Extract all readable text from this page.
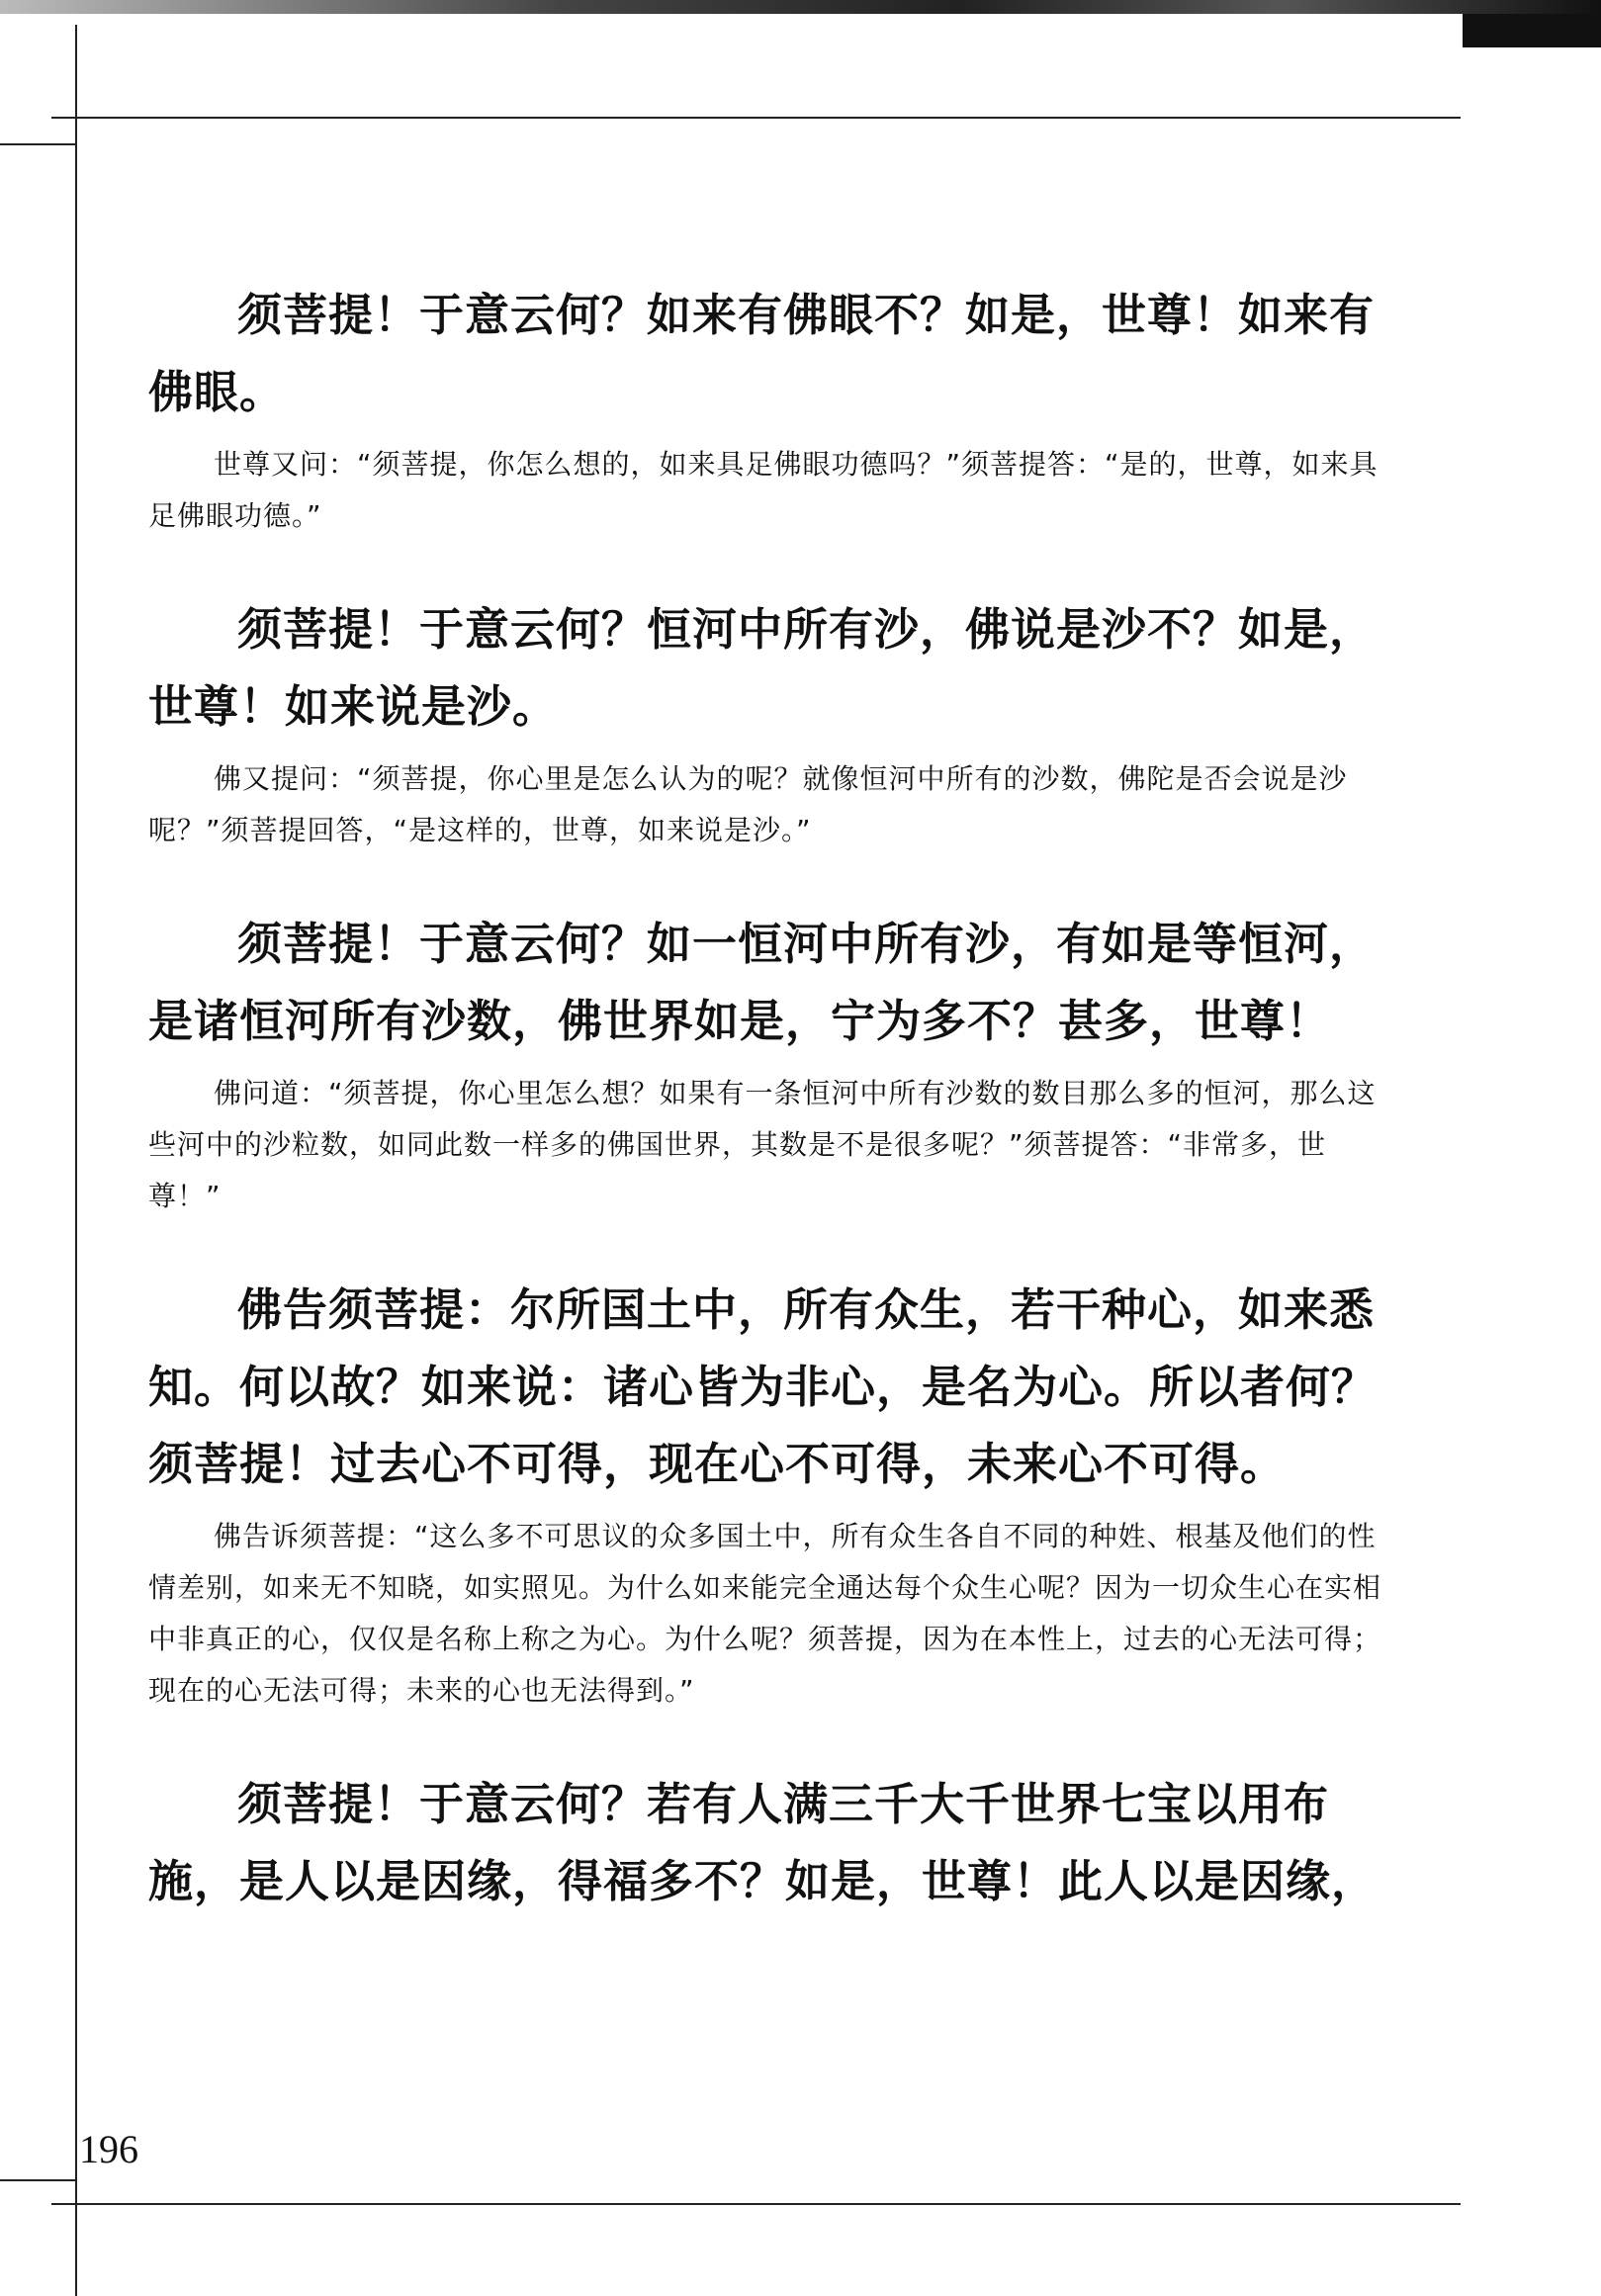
须菩提！于意云何？如来有佛眼不？如是，世尊！如来有佛眼。

世尊又问：“须菩提，你怎么想的，如来具足佛眼功德吗？”须菩提答：“是的，世尊，如来具足佛眼功德。”

须菩提！于意云何？恒河中所有沙，佛说是沙不？如是，世尊！如来说是沙。

佛又提问：“须菩提，你心里是怎么认为的呢？就像恒河中所有的沙数，佛陀是否会说是沙呢？”须菩提回答，“是这样的，世尊，如来说是沙。”

须菩提！于意云何？如一恒河中所有沙，有如是等恒河，是诸恒河所有沙数，佛世界如是，宁为多不？甚多，世尊！

佛问道：“须菩提，你心里怎么想？如果有一条恒河中所有沙数的数目那么多的恒河，那么这些河中的沙粒数，如同此数一样多的佛国世界，其数是不是很多呢？”须菩提答：“非常多，世尊！”

佛告须菩提：尔所国土中，所有众生，若干种心，如来悉知。何以故？如来说：诸心皆为非心，是名为心。所以者何？须菩提！过去心不可得，现在心不可得，未来心不可得。

佛告诉须菩提：“这么多不可思议的众多国土中，所有众生各自不同的种姓、根基及他们的性情差别，如来无不知晓，如实照见。为什么如来能完全通达每个众生心呢？因为一切众生心在实相中非真正的心，仅仅是名称上称之为心。为什么呢？须菩提，因为在本性上，过去的心无法可得；现在的心无法可得；未来的心也无法得到。”

须菩提！于意云何？若有人满三千大千世界七宝以用布施，是人以是因缘，得福多不？如是，世尊！此人以是因缘，

196
